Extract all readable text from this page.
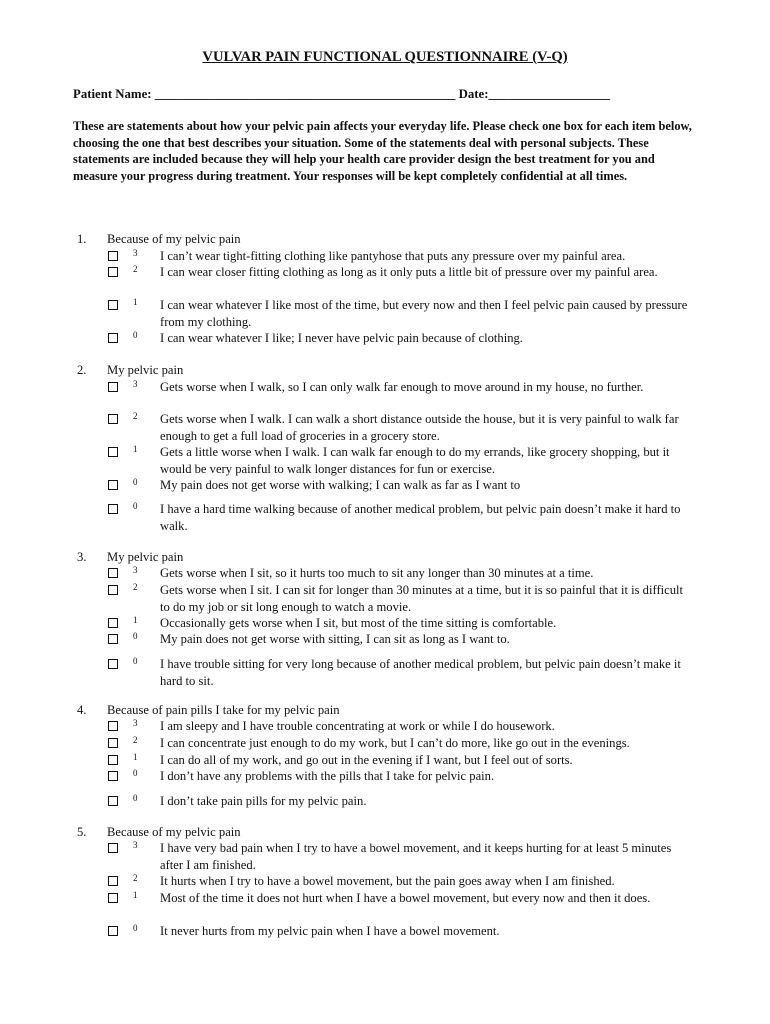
VULVAR PAIN FUNCTIONAL QUESTIONNAIRE (V-Q)
Patient Name: _______________________________________________ Date:___________________
These are statements about how your pelvic pain affects your everyday life. Please check one box for each item below, choosing the one that best describes your situation. Some of the statements deal with personal subjects. These statements are included because they will help your health care provider design the best treatment for you and measure your progress during treatment. Your responses will be kept completely confidential at all times.
1. Because of my pelvic pain
3 I can’t wear tight-fitting clothing like pantyhose that puts any pressure over my painful area.
2 I can wear closer fitting clothing as long as it only puts a little bit of pressure over my painful area.
1 I can wear whatever I like most of the time, but every now and then I feel pelvic pain caused by pressure from my clothing.
0 I can wear whatever I like; I never have pelvic pain because of clothing.
2. My pelvic pain
3 Gets worse when I walk, so I can only walk far enough to move around in my house, no further.
2 Gets worse when I walk. I can walk a short distance outside the house, but it is very painful to walk far enough to get a full load of groceries in a grocery store.
1 Gets a little worse when I walk. I can walk far enough to do my errands, like grocery shopping, but it would be very painful to walk longer distances for fun or exercise.
0 My pain does not get worse with walking; I can walk as far as I want to
0 I have a hard time walking because of another medical problem, but pelvic pain doesn’t make it hard to walk.
3. My pelvic pain
3 Gets worse when I sit, so it hurts too much to sit any longer than 30 minutes at a time.
2 Gets worse when I sit. I can sit for longer than 30 minutes at a time, but it is so painful that it is difficult to do my job or sit long enough to watch a movie.
1 Occasionally gets worse when I sit, but most of the time sitting is comfortable.
0 My pain does not get worse with sitting, I can sit as long as I want to.
0 I have trouble sitting for very long because of another medical problem, but pelvic pain doesn’t make it hard to sit.
4. Because of pain pills I take for my pelvic pain
3 I am sleepy and I have trouble concentrating at work or while I do housework.
2 I can concentrate just enough to do my work, but I can’t do more, like go out in the evenings.
1 I can do all of my work, and go out in the evening if I want, but I feel out of sorts.
0 I don’t have any problems with the pills that I take for pelvic pain.
0 I don’t take pain pills for my pelvic pain.
5. Because of my pelvic pain
3 I have very bad pain when I try to have a bowel movement, and it keeps hurting for at least 5 minutes after I am finished.
2 It hurts when I try to have a bowel movement, but the pain goes away when I am finished.
1 Most of the time it does not hurt when I have a bowel movement, but every now and then it does.
0 It never hurts from my pelvic pain when I have a bowel movement.
